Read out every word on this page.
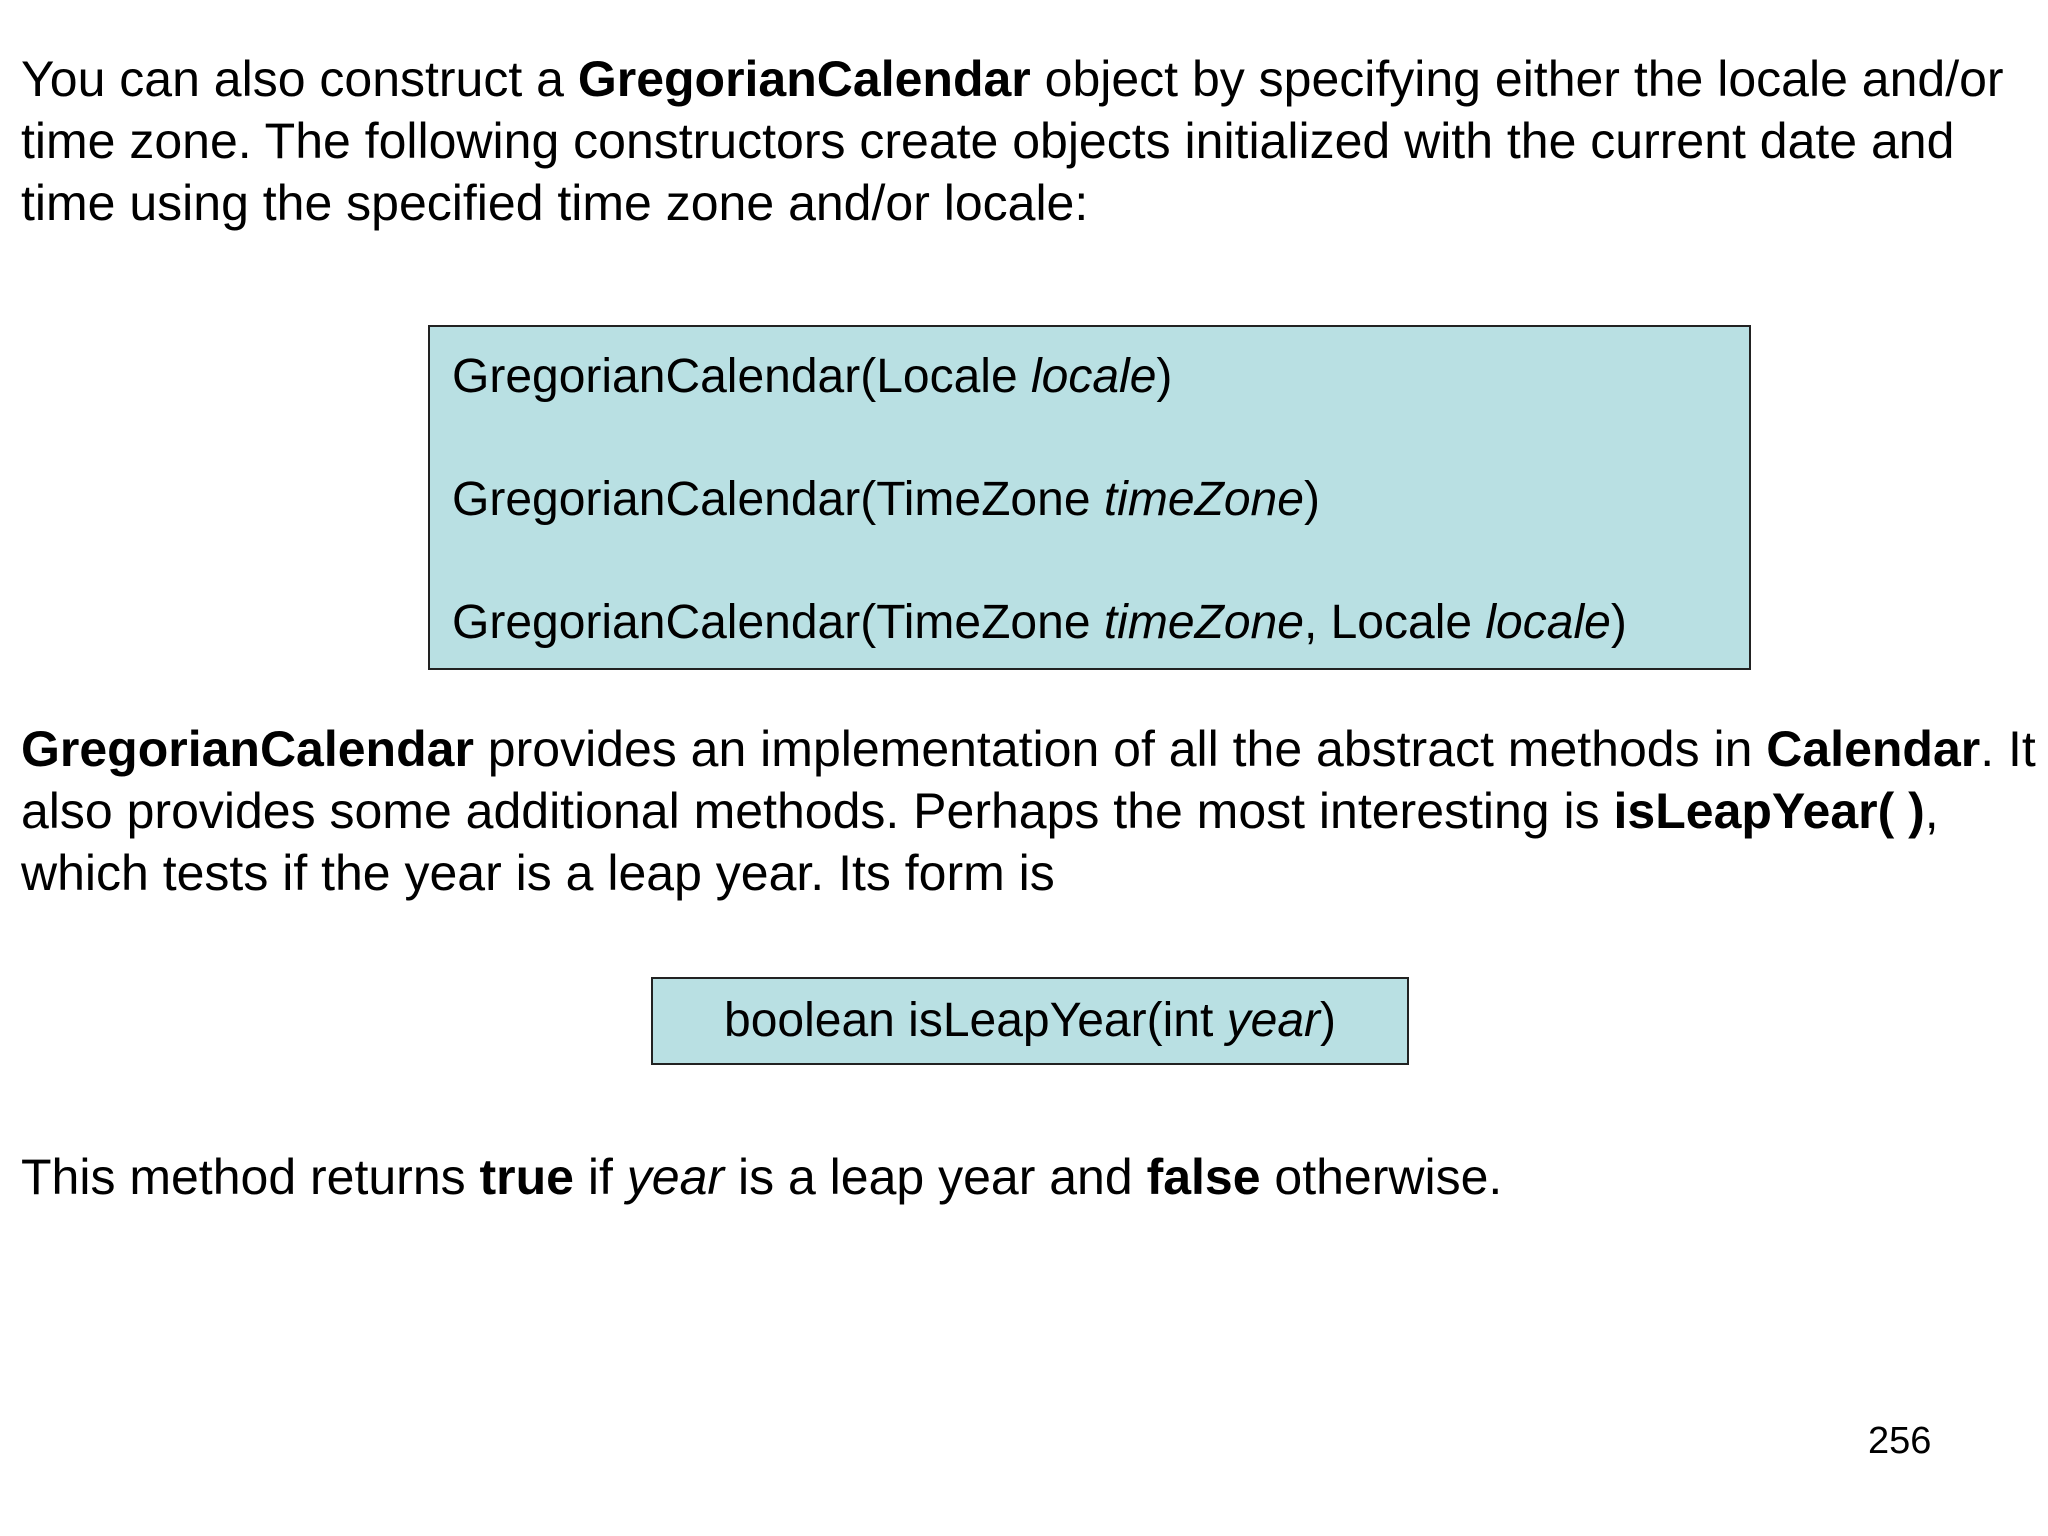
You can also construct a GregorianCalendar object by specifying either the locale and/or time zone. The following constructors create objects initialized with the current date and time using the specified time zone and/or locale:

GregorianCalendar(Locale locale)
GregorianCalendar(TimeZone timeZone)
GregorianCalendar(TimeZone timeZone, Locale locale)

GregorianCalendar provides an implementation of all the abstract methods in Calendar. It also provides some additional methods. Perhaps the most interesting is isLeapYear( ), which tests if the year is a leap year. Its form is

boolean isLeapYear(int year)

This method returns true if year is a leap year and false otherwise.

256
